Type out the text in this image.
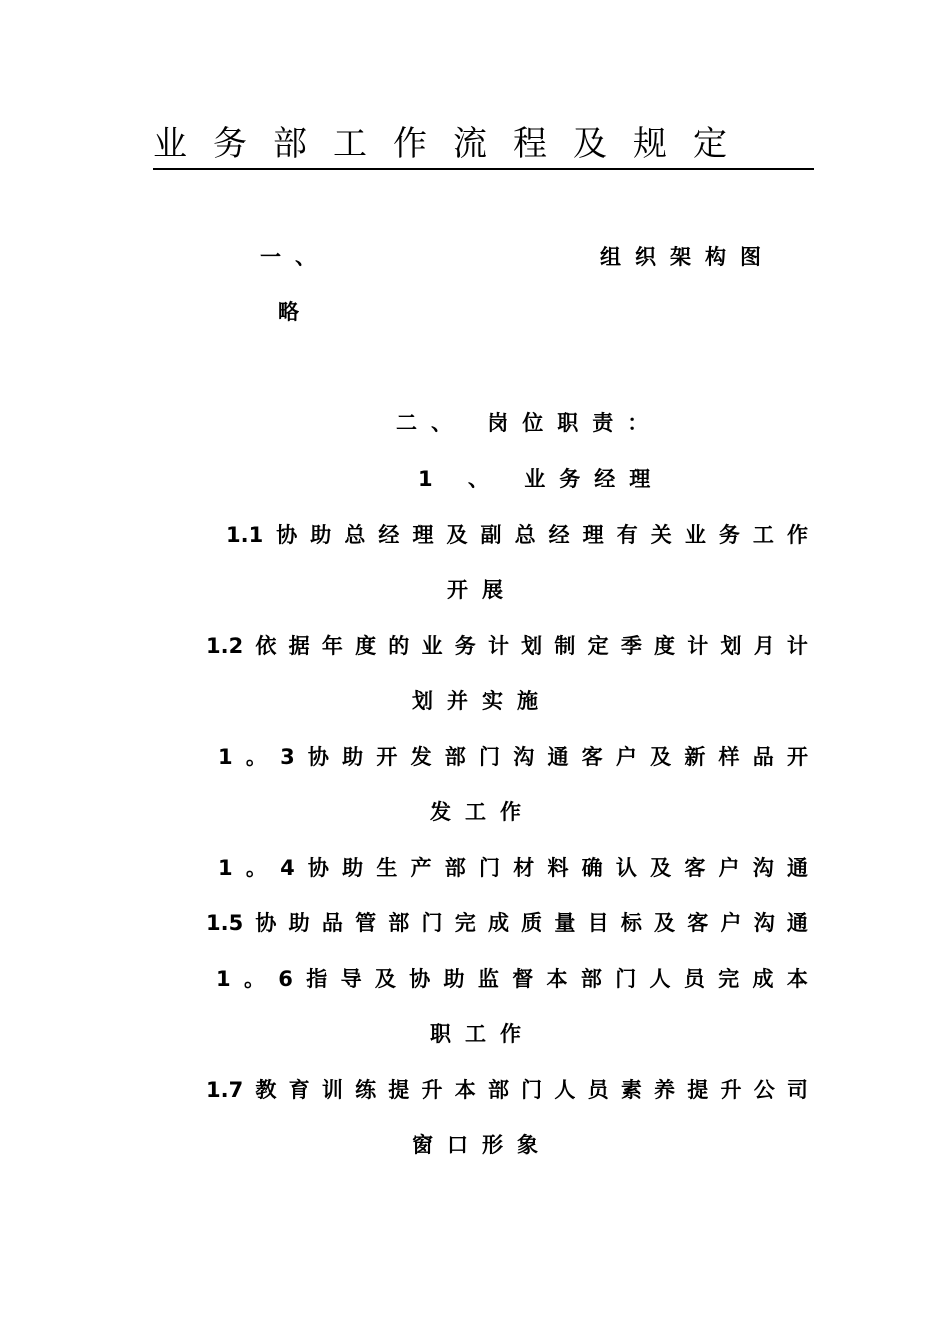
业务部工作流程及规定
一、	组织架构图
略
二、 岗位职责：
1 、 业务经理
1.1 协 助 总 经 理 及 副 总 经 理 有 关 业 务 工 作
开展
1.2 依 据 年 度 的 业 务 计 划 制 定 季 度 计 划 月 计
划并实施
1 。 3 协 助 开 发 部 门 沟 通 客 户 及 新 样 品 开
发工作
1 。 4 协 助 生 产 部 门 材 料 确 认 及 客 户 沟 通
1.5 协 助 品 管 部 门 完 成 质 量 目 标 及 客 户 沟 通
1 。 6 指 导 及 协 助 监 督 本 部 门 人 员 完 成 本
职工作
1.7 教 育 训 练 提 升 本 部 门 人 员 素 养 提 升 公 司
窗口形象
